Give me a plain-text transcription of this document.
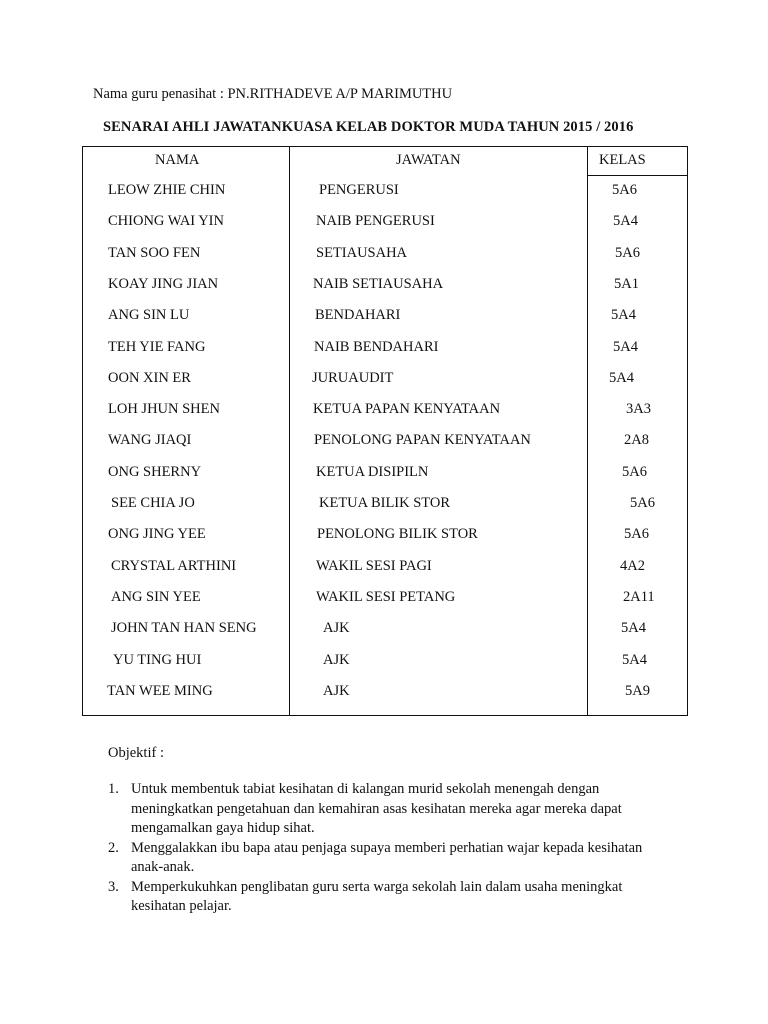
Nama guru penasihat : PN.RITHADEVE A/P MARIMUTHU
SENARAI AHLI JAWATANKUASA KELAB DOKTOR MUDA TAHUN 2015 / 2016
NAMA	JAWATAN	KELAS
LEOW ZHIE CHIN	PENGERUSI	5A6
CHIONG WAI YIN	NAIB PENGERUSI	5A4
TAN SOO FEN	SETIAUSAHA	5A6
KOAY JING JIAN	NAIB SETIAUSAHA	5A1
ANG SIN LU	BENDAHARI	5A4
TEH YIE FANG	NAIB BENDAHARI	5A4
OON XIN ER	JURUAUDIT	5A4
LOH JHUN SHEN	KETUA PAPAN KENYATAAN	3A3
WANG JIAQI	PENOLONG PAPAN KENYATAAN	2A8
ONG SHERNY	KETUA DISIPILN	5A6
SEE CHIA JO	KETUA BILIK STOR	5A6
ONG JING YEE	PENOLONG BILIK STOR	5A6
CRYSTAL ARTHINI	WAKIL SESI PAGI	4A2
ANG SIN YEE	WAKIL SESI PETANG	2A11
JOHN TAN HAN SENG	AJK	5A4
YU TING HUI	AJK	5A4
TAN WEE MING	AJK	5A9
Objektif :
1. Untuk membentuk tabiat kesihatan di kalangan murid sekolah menengah dengan meningkatkan pengetahuan dan kemahiran asas kesihatan mereka agar mereka dapat mengamalkan gaya hidup sihat.
2. Menggalakkan ibu bapa atau penjaga supaya memberi perhatian wajar kepada kesihatan anak-anak.
3. Memperkukuhkan penglibatan guru serta warga sekolah lain dalam usaha meningkat kesihatan pelajar.
